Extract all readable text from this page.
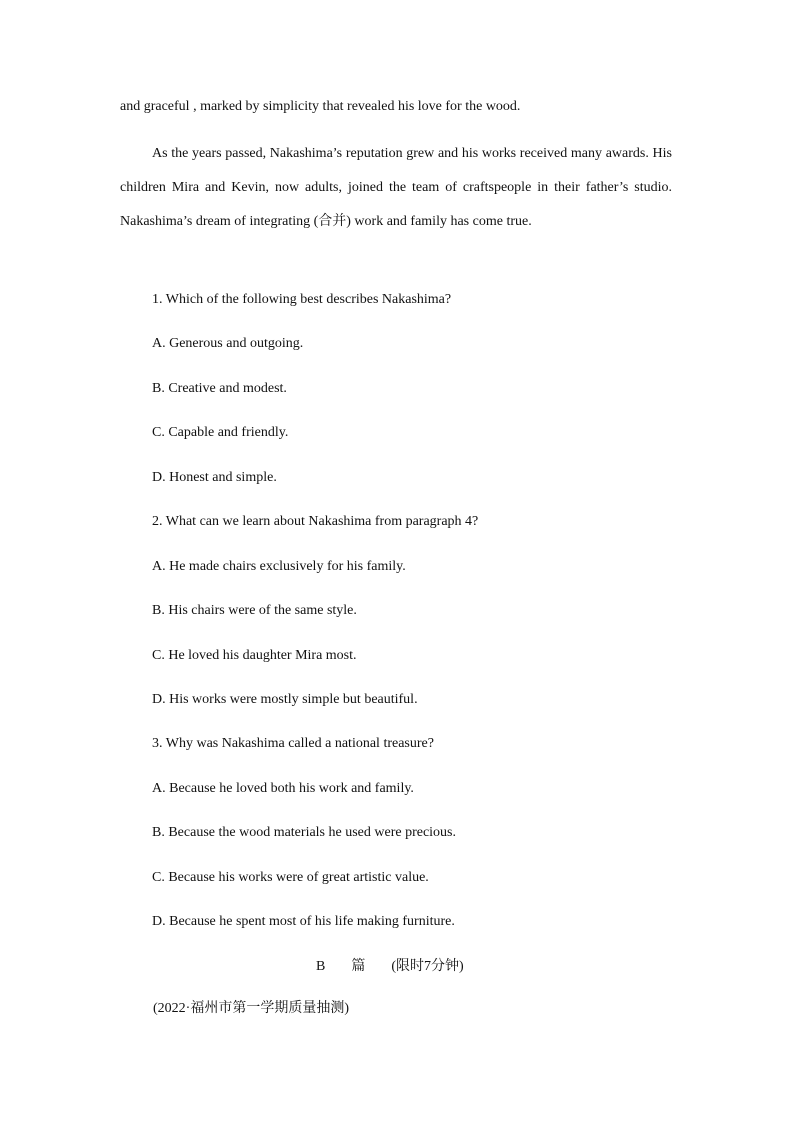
and graceful , marked by simplicity that revealed his love for the wood.
As the years passed, Nakashima’s reputation grew and his works received many awards. His children Mira and Kevin, now adults, joined the team of craftspeople in their father’s studio. Nakashima’s dream of integrating (合并) work and family has come true.
1. Which of the following best describes Nakashima?
A. Generous and outgoing.
B. Creative and modest.
C. Capable and friendly.
D. Honest and simple.
2. What can we learn about Nakashima from paragraph 4?
A. He made chairs exclusively for his family.
B. His chairs were of the same style.
C. He loved his daughter Mira most.
D. His works were mostly simple but beautiful.
3. Why was Nakashima called a national treasure?
A. Because he loved both his work and family.
B. Because the wood materials he used were precious.
C. Because his works were of great artistic value.
D. Because he spent most of his life making furniture.
B 篇 (限时7分钟)
(2022·福州市第一学期质量抽测)
